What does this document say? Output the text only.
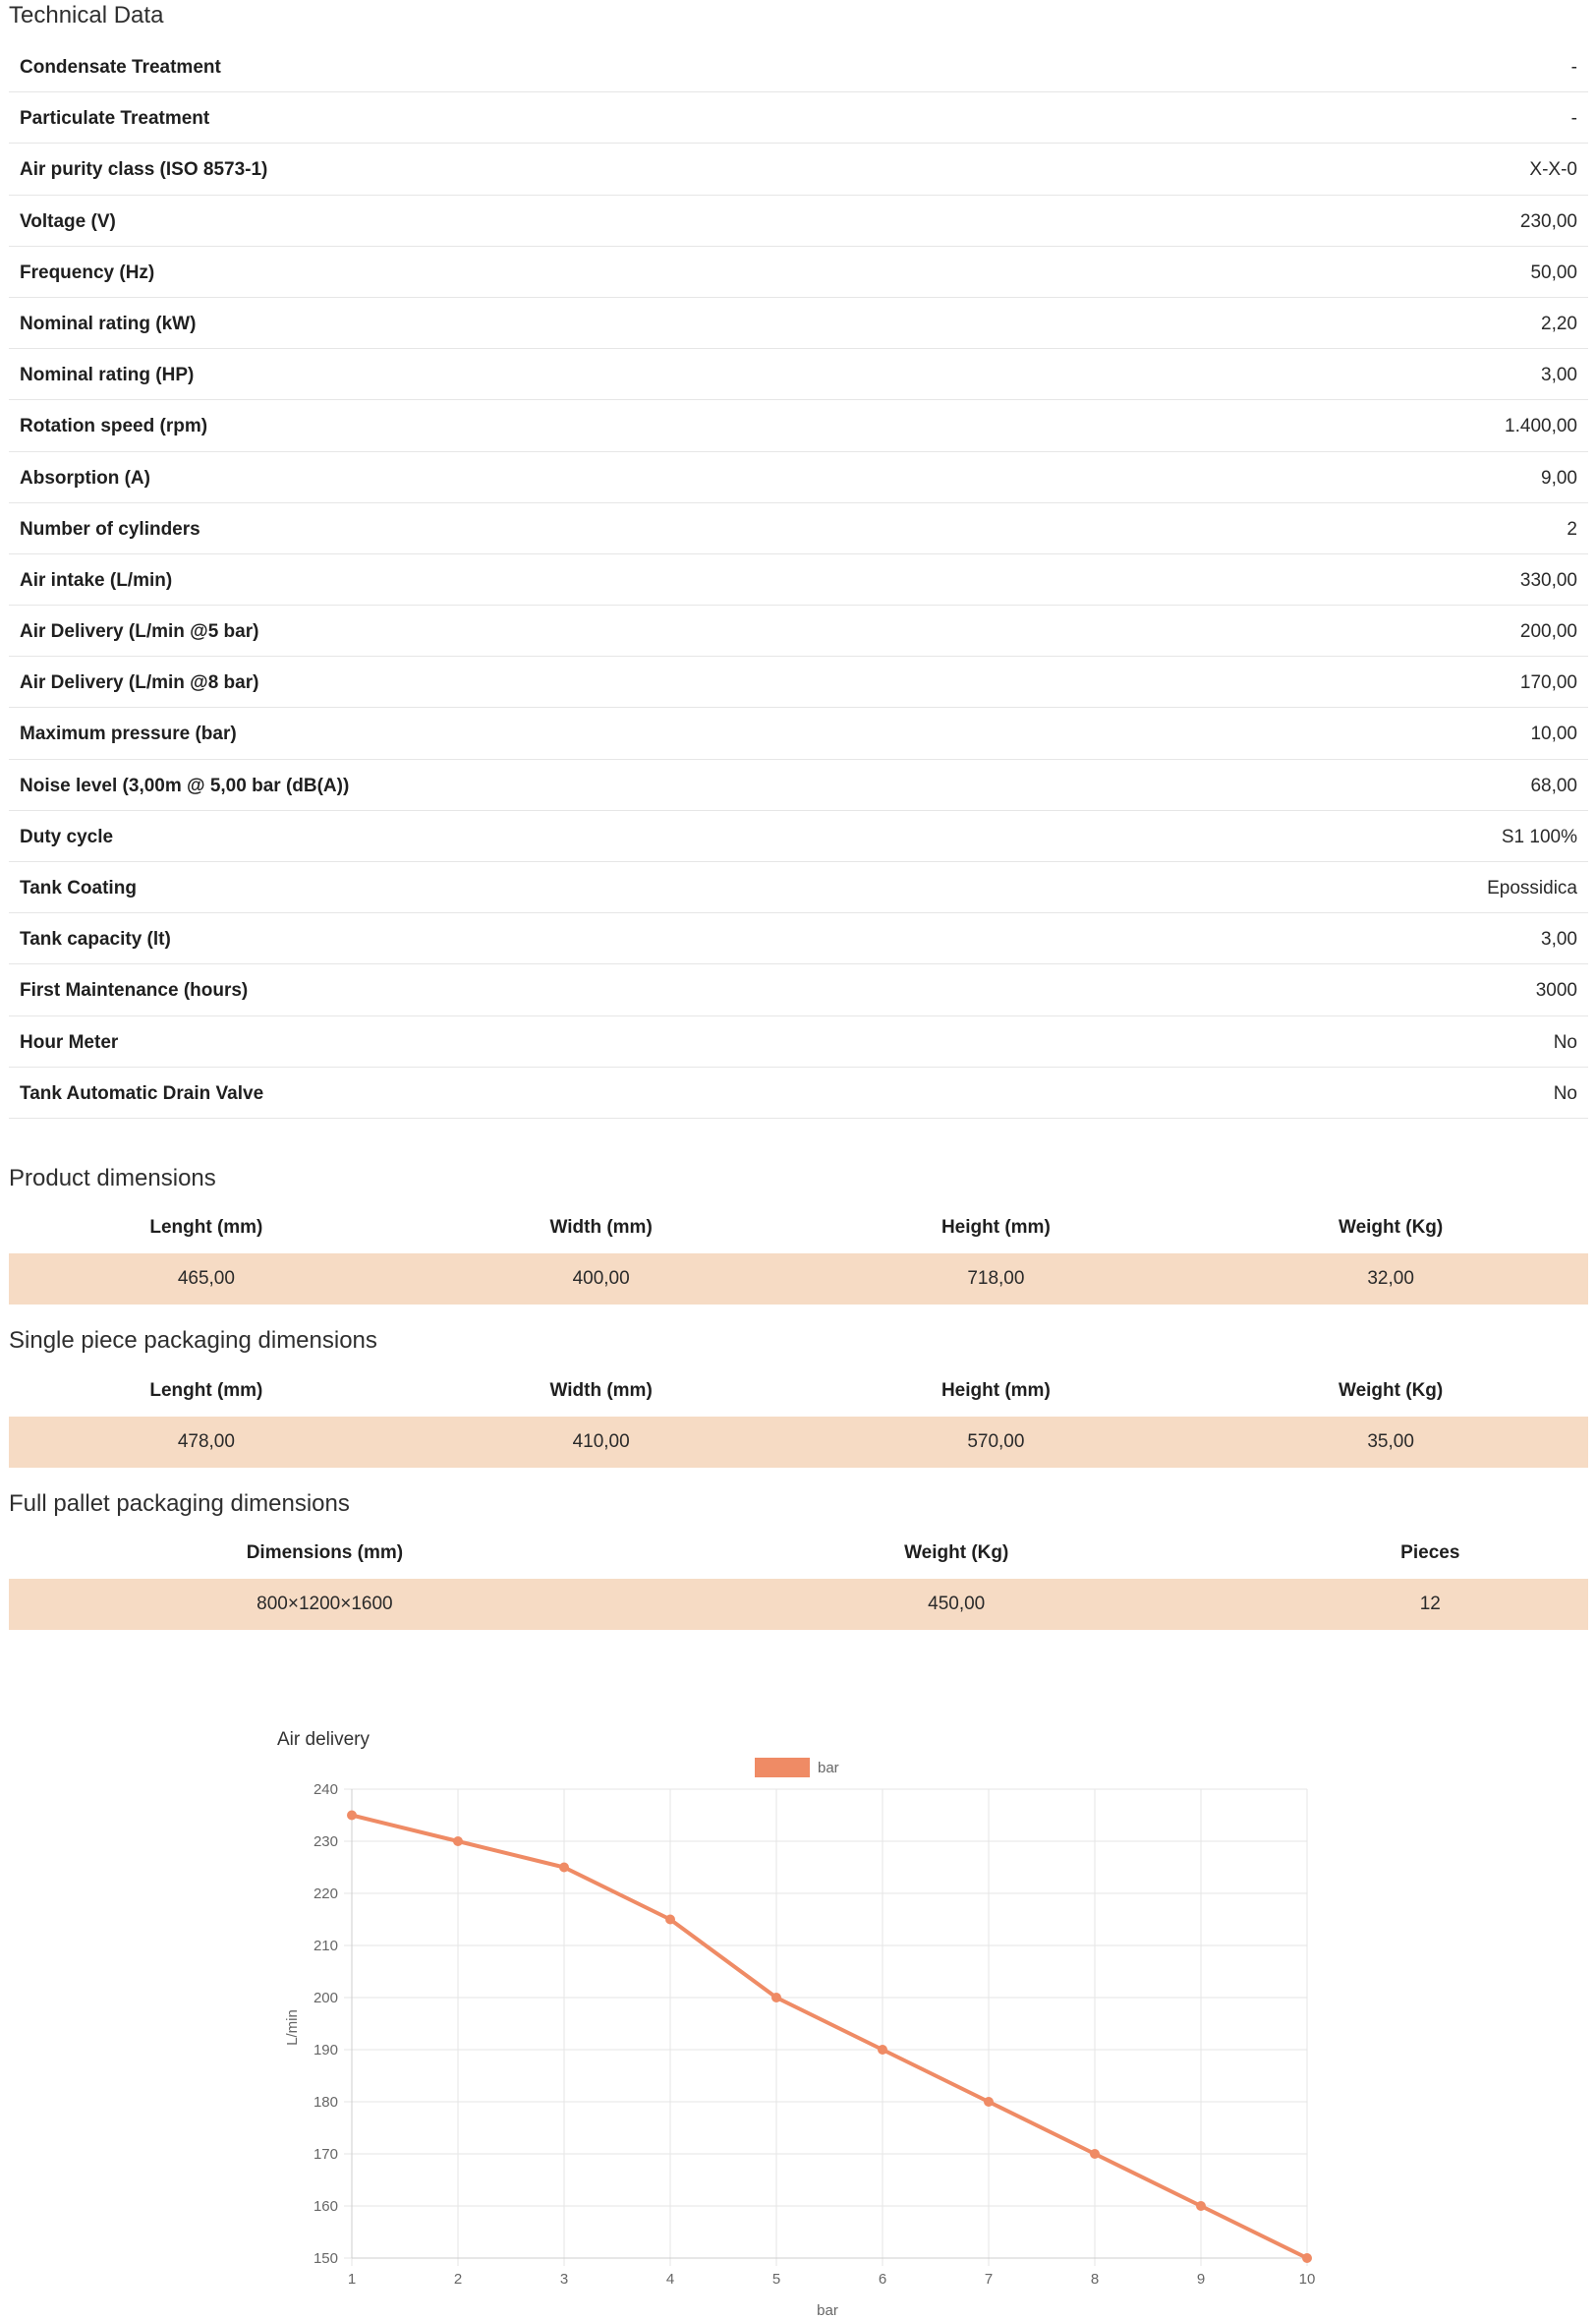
Technical Data
Condensate Treatment	-
Particulate Treatment	-
Air purity class (ISO 8573-1)	X-X-0
Voltage (V)	230,00
Frequency (Hz)	50,00
Nominal rating (kW)	2,20
Nominal rating (HP)	3,00
Rotation speed (rpm)	1.400,00
Absorption (A)	9,00
Number of cylinders	2
Air intake (L/min)	330,00
Air Delivery (L/min @5 bar)	200,00
Air Delivery (L/min @8 bar)	170,00
Maximum pressure (bar)	10,00
Noise level (3,00m @ 5,00 bar (dB(A))	68,00
Duty cycle	S1 100%
Tank Coating	Epossidica
Tank capacity (lt)	3,00
First Maintenance (hours)	3000
Hour Meter	No
Tank Automatic Drain Valve	No
Product dimensions
Lenght (mm)	Width (mm)	Height (mm)	Weight (Kg)
465,00	400,00	718,00	32,00
Single piece packaging dimensions
Lenght (mm)	Width (mm)	Height (mm)	Weight (Kg)
478,00	410,00	570,00	35,00
Full pallet packaging dimensions
Dimensions (mm)	Weight (Kg)	Pieces
800×1200×1600	450,00	12
150
160
170
180
190
200
210
220
230
240
1	2	3	4	5	6	7	8	9	10
Air delivery
bar
bar
L/min
